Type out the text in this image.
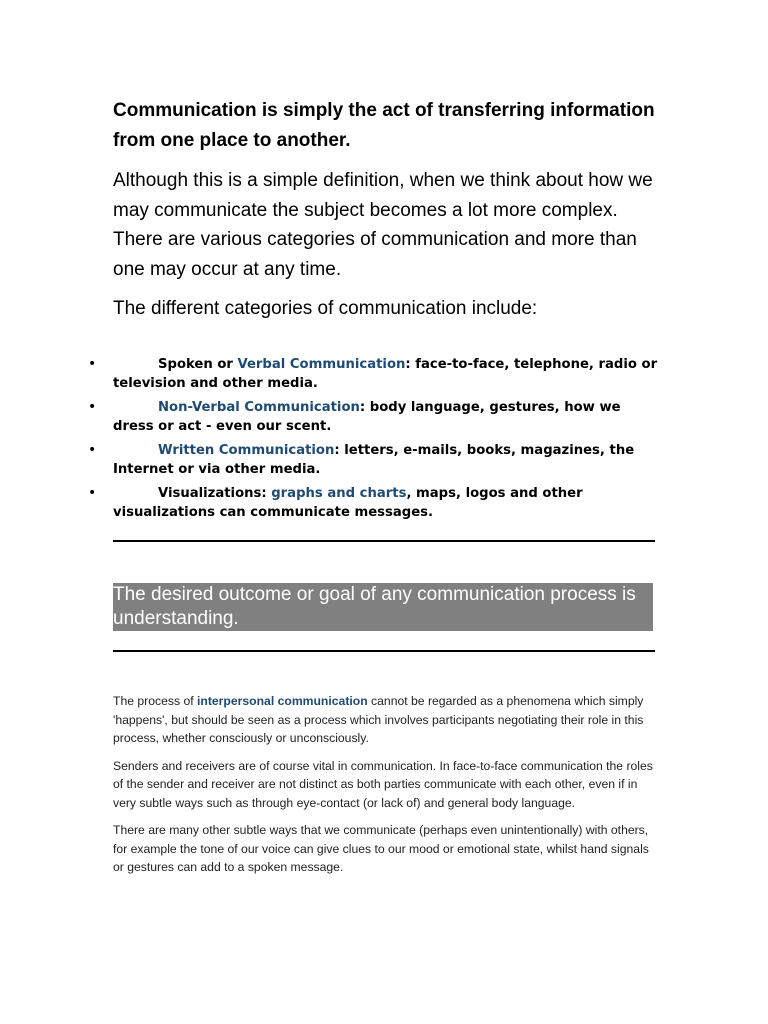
Communication is simply the act of transferring information from one place to another.

Although this is a simple definition, when we think about how we may communicate the subject becomes a lot more complex. There are various categories of communication and more than one may occur at any time.

The different categories of communication include:

•	Spoken or Verbal Communication: face-to-face, telephone, radio or television and other media.
•	Non-Verbal Communication: body language, gestures, how we dress or act - even our scent.
•	Written Communication: letters, e-mails, books, magazines, the Internet or via other media.
•	Visualizations: graphs and charts, maps, logos and other visualizations can communicate messages.
The desired outcome or goal of any communication process is understanding.

The process of interpersonal communication cannot be regarded as a phenomena which simply 'happens', but should be seen as a process which involves participants negotiating their role in this process, whether consciously or unconsciously.

Senders and receivers are of course vital in communication. In face-to-face communication the roles of the sender and receiver are not distinct as both parties communicate with each other, even if in very subtle ways such as through eye-contact (or lack of) and general body language.

There are many other subtle ways that we communicate (perhaps even unintentionally) with others, for example the tone of our voice can give clues to our mood or emotional state, whilst hand signals or gestures can add to a spoken message.
